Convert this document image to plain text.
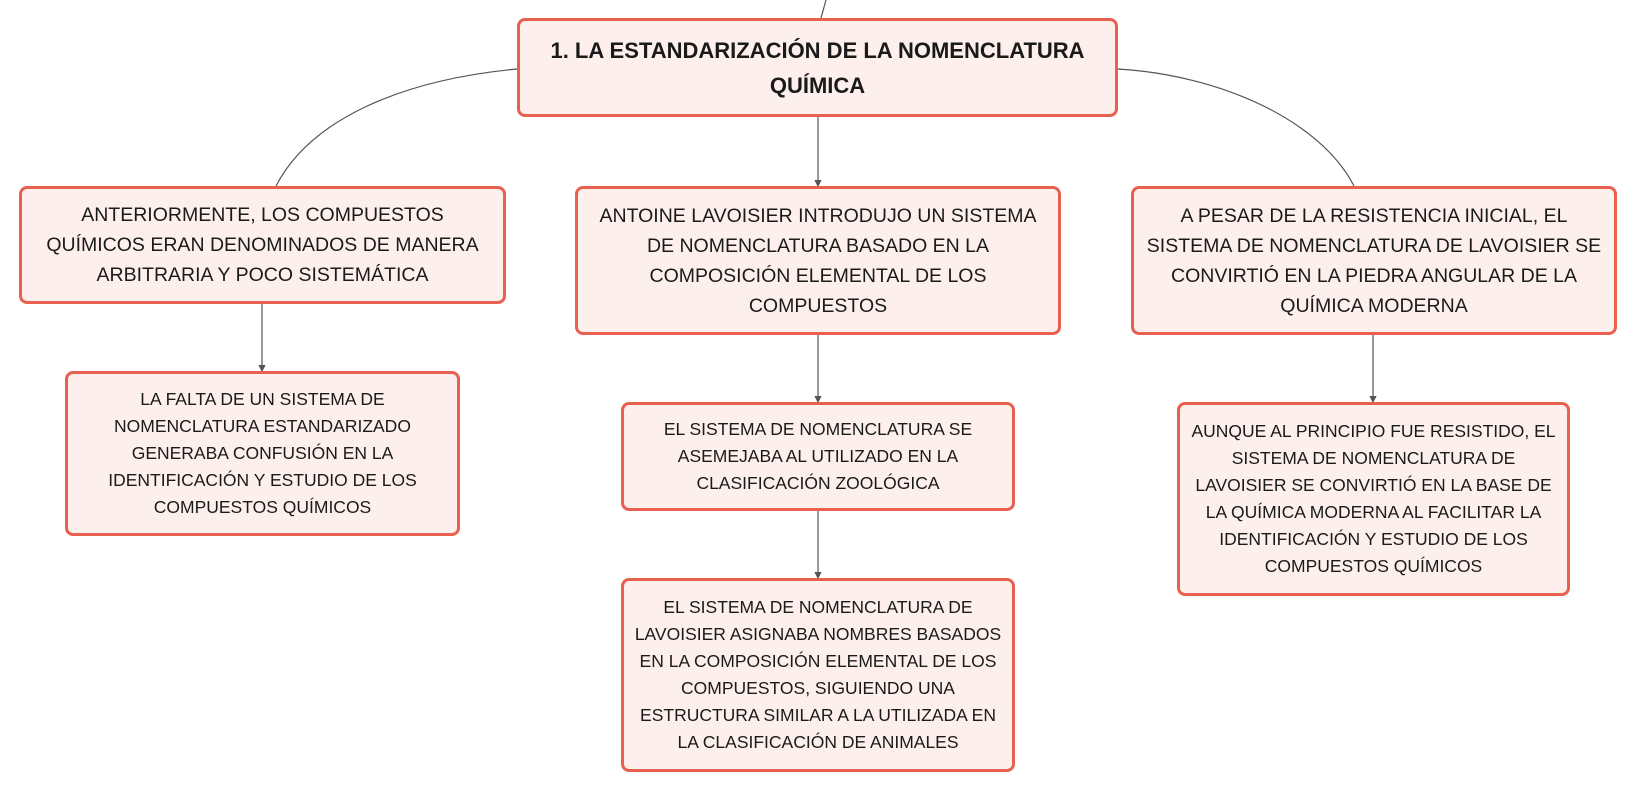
1. LA ESTANDARIZACIÓN DE LA NOMENCLATURA QUÍMICA
ANTERIORMENTE, LOS COMPUESTOS QUÍMICOS ERAN DENOMINADOS DE MANERA ARBITRARIA Y POCO SISTEMÁTICA
LA FALTA DE UN SISTEMA DE NOMENCLATURA ESTANDARIZADO GENERABA CONFUSIÓN EN LA IDENTIFICACIÓN Y ESTUDIO DE LOS COMPUESTOS QUÍMICOS
ANTOINE LAVOISIER INTRODUJO UN SISTEMA DE NOMENCLATURA BASADO EN LA COMPOSICIÓN ELEMENTAL DE LOS COMPUESTOS
EL SISTEMA DE NOMENCLATURA SE ASEMEJABA AL UTILIZADO EN LA CLASIFICACIÓN ZOOLÓGICA
EL SISTEMA DE NOMENCLATURA DE LAVOISIER ASIGNABA NOMBRES BASADOS EN LA COMPOSICIÓN ELEMENTAL DE LOS COMPUESTOS, SIGUIENDO UNA ESTRUCTURA SIMILAR A LA UTILIZADA EN LA CLASIFICACIÓN DE ANIMALES
A PESAR DE LA RESISTENCIA INICIAL, EL SISTEMA DE NOMENCLATURA DE LAVOISIER SE CONVIRTIÓ EN LA PIEDRA ANGULAR DE LA QUÍMICA MODERNA
AUNQUE AL PRINCIPIO FUE RESISTIDO, EL SISTEMA DE NOMENCLATURA DE LAVOISIER SE CONVIRTIÓ EN LA BASE DE LA QUÍMICA MODERNA AL FACILITAR LA IDENTIFICACIÓN Y ESTUDIO DE LOS COMPUESTOS QUÍMICOS
